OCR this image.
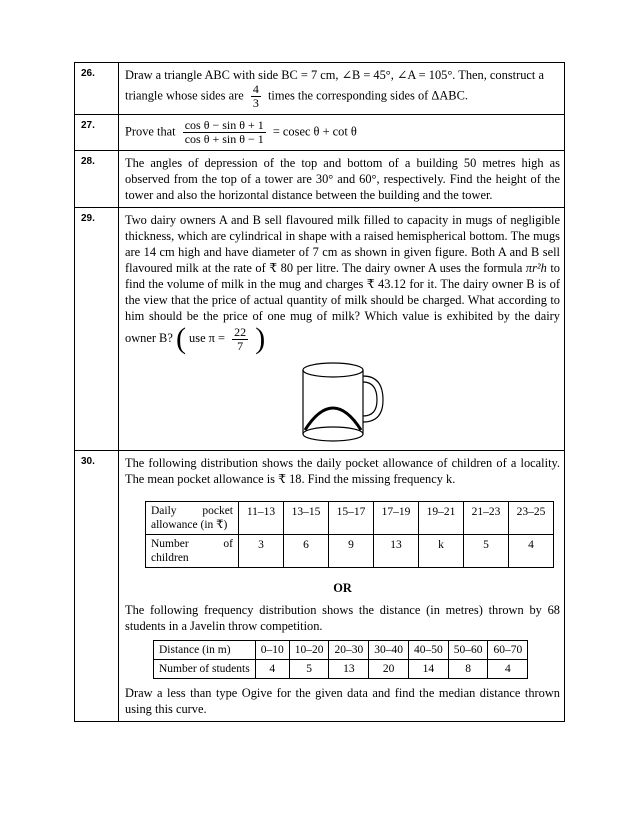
26.	Draw a triangle ABC with side BC = 7 cm, ∠B = 45°, ∠A = 105°. Then, construct a
triangle whose sides are $\frac{4}{3}$ times the corresponding sides of ΔABC.
27.	Prove that $\frac{\text{cos θ − sin θ + 1}}{\text{cos θ + sin θ − 1}} = cosec$ θ + cot θ
28.	The angles of depression of the top and bottom of a building 50 metres high as observed from the top of a tower are 30° and 60°, respectively. Find the height of the tower and also the horizontal distance between the building and the tower.
29.	Two dairy owners A and B sell flavoured milk filled to capacity in mugs of negligible thickness, which are cylindrical in shape with a raised hemispherical bottom. The mugs are 14 cm high and have diameter of 7 cm as shown in given figure. Both A and B sell flavoured milk at the rate of ₹ 80 per litre. The dairy owner A uses the formula πr²h to find the volume of milk in the mug and charges ₹ 43.12 for it. The dairy owner B is of the view that the price of actual quantity of milk should be charged. What according to him should be the price of one mug of milk? Which value is exhibited by the dairy owner B? ( use $\pi = \frac{22}{7}$ )
30.	The following distribution shows the daily pocket allowance of children of a locality. The mean pocket allowance is ₹ 18. Find the missing frequency k.
Daily pocket allowance (in ₹)	11–13	13–15	15–17	17–19	19–21	21–23	23–25
Number of children	3	6	9	13	k	5	4
OR
The following frequency distribution shows the distance (in metres) thrown by 68 students in a Javelin throw competition.
Distance (in m)	0–10	10–20	20–30	30–40	40–50	50–60	60–70
Number of students	4	5	13	20	14	8	4
Draw a less than type Ogive for the given data and find the median distance thrown using this curve.
